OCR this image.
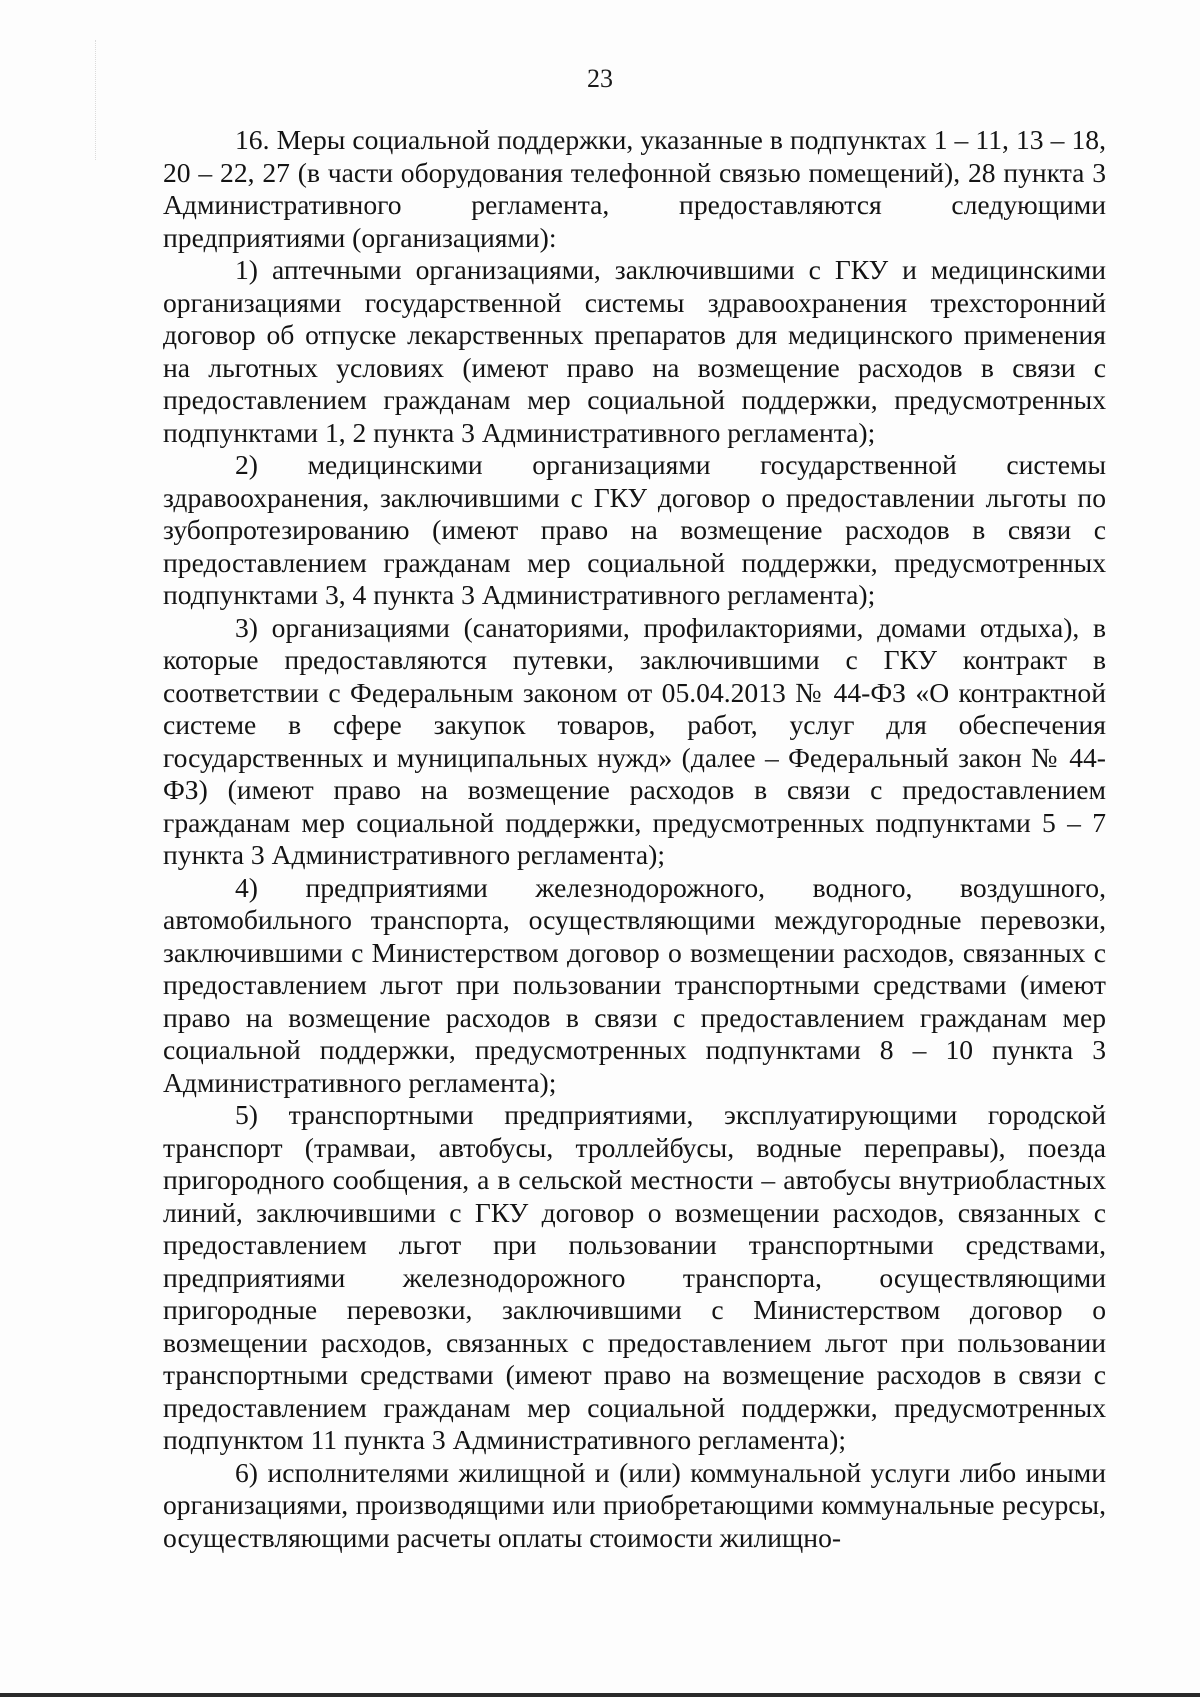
23

16. Меры социальной поддержки, указанные в подпунктах 1 – 11, 13 – 18, 20 – 22, 27 (в части оборудования телефонной связью помещений), 28 пункта 3 Административного регламента, предоставляются следующими предприятиями (организациями):

1) аптечными организациями, заключившими с ГКУ и медицинскими организациями государственной системы здравоохранения трехсторонний договор об отпуске лекарственных препаратов для медицинского применения на льготных условиях (имеют право на возмещение расходов в связи с предоставлением гражданам мер социальной поддержки, предусмотренных подпунктами 1, 2 пункта 3 Административного регламента);

2) медицинскими организациями государственной системы здравоохранения, заключившими с ГКУ договор о предоставлении льготы по зубопротезированию (имеют право на возмещение расходов в связи с предоставлением гражданам мер социальной поддержки, предусмотренных подпунктами 3, 4 пункта 3 Административного регламента);

3) организациями (санаториями, профилакториями, домами отдыха), в которые предоставляются путевки, заключившими с ГКУ контракт в соответствии с Федеральным законом от 05.04.2013 № 44-ФЗ «О контрактной системе в сфере закупок товаров, работ, услуг для обеспечения государственных и муниципальных нужд» (далее – Федеральный закон № 44-ФЗ) (имеют право на возмещение расходов в связи с предоставлением гражданам мер социальной поддержки, предусмотренных подпунктами 5 – 7 пункта 3 Административного регламента);

4) предприятиями железнодорожного, водного, воздушного, автомобильного транспорта, осуществляющими междугородные перевозки, заключившими с Министерством договор о возмещении расходов, связанных с предоставлением льгот при пользовании транспортными средствами (имеют право на возмещение расходов в связи с предоставлением гражданам мер социальной поддержки, предусмотренных подпунктами 8 – 10 пункта 3 Административного регламента);

5) транспортными предприятиями, эксплуатирующими городской транспорт (трамваи, автобусы, троллейбусы, водные переправы), поезда пригородного сообщения, а в сельской местности – автобусы внутриобластных линий, заключившими с ГКУ договор о возмещении расходов, связанных с предоставлением льгот при пользовании транспортными средствами, предприятиями железнодорожного транспорта, осуществляющими пригородные перевозки, заключившими с Министерством договор о возмещении расходов, связанных с предоставлением льгот при пользовании транспортными средствами (имеют право на возмещение расходов в связи с предоставлением гражданам мер социальной поддержки, предусмотренных подпунктом 11 пункта 3 Административного регламента);

6) исполнителями жилищной и (или) коммунальной услуги либо иными организациями, производящими или приобретающими коммунальные ресурсы, осуществляющими расчеты оплаты стоимости жилищно-
